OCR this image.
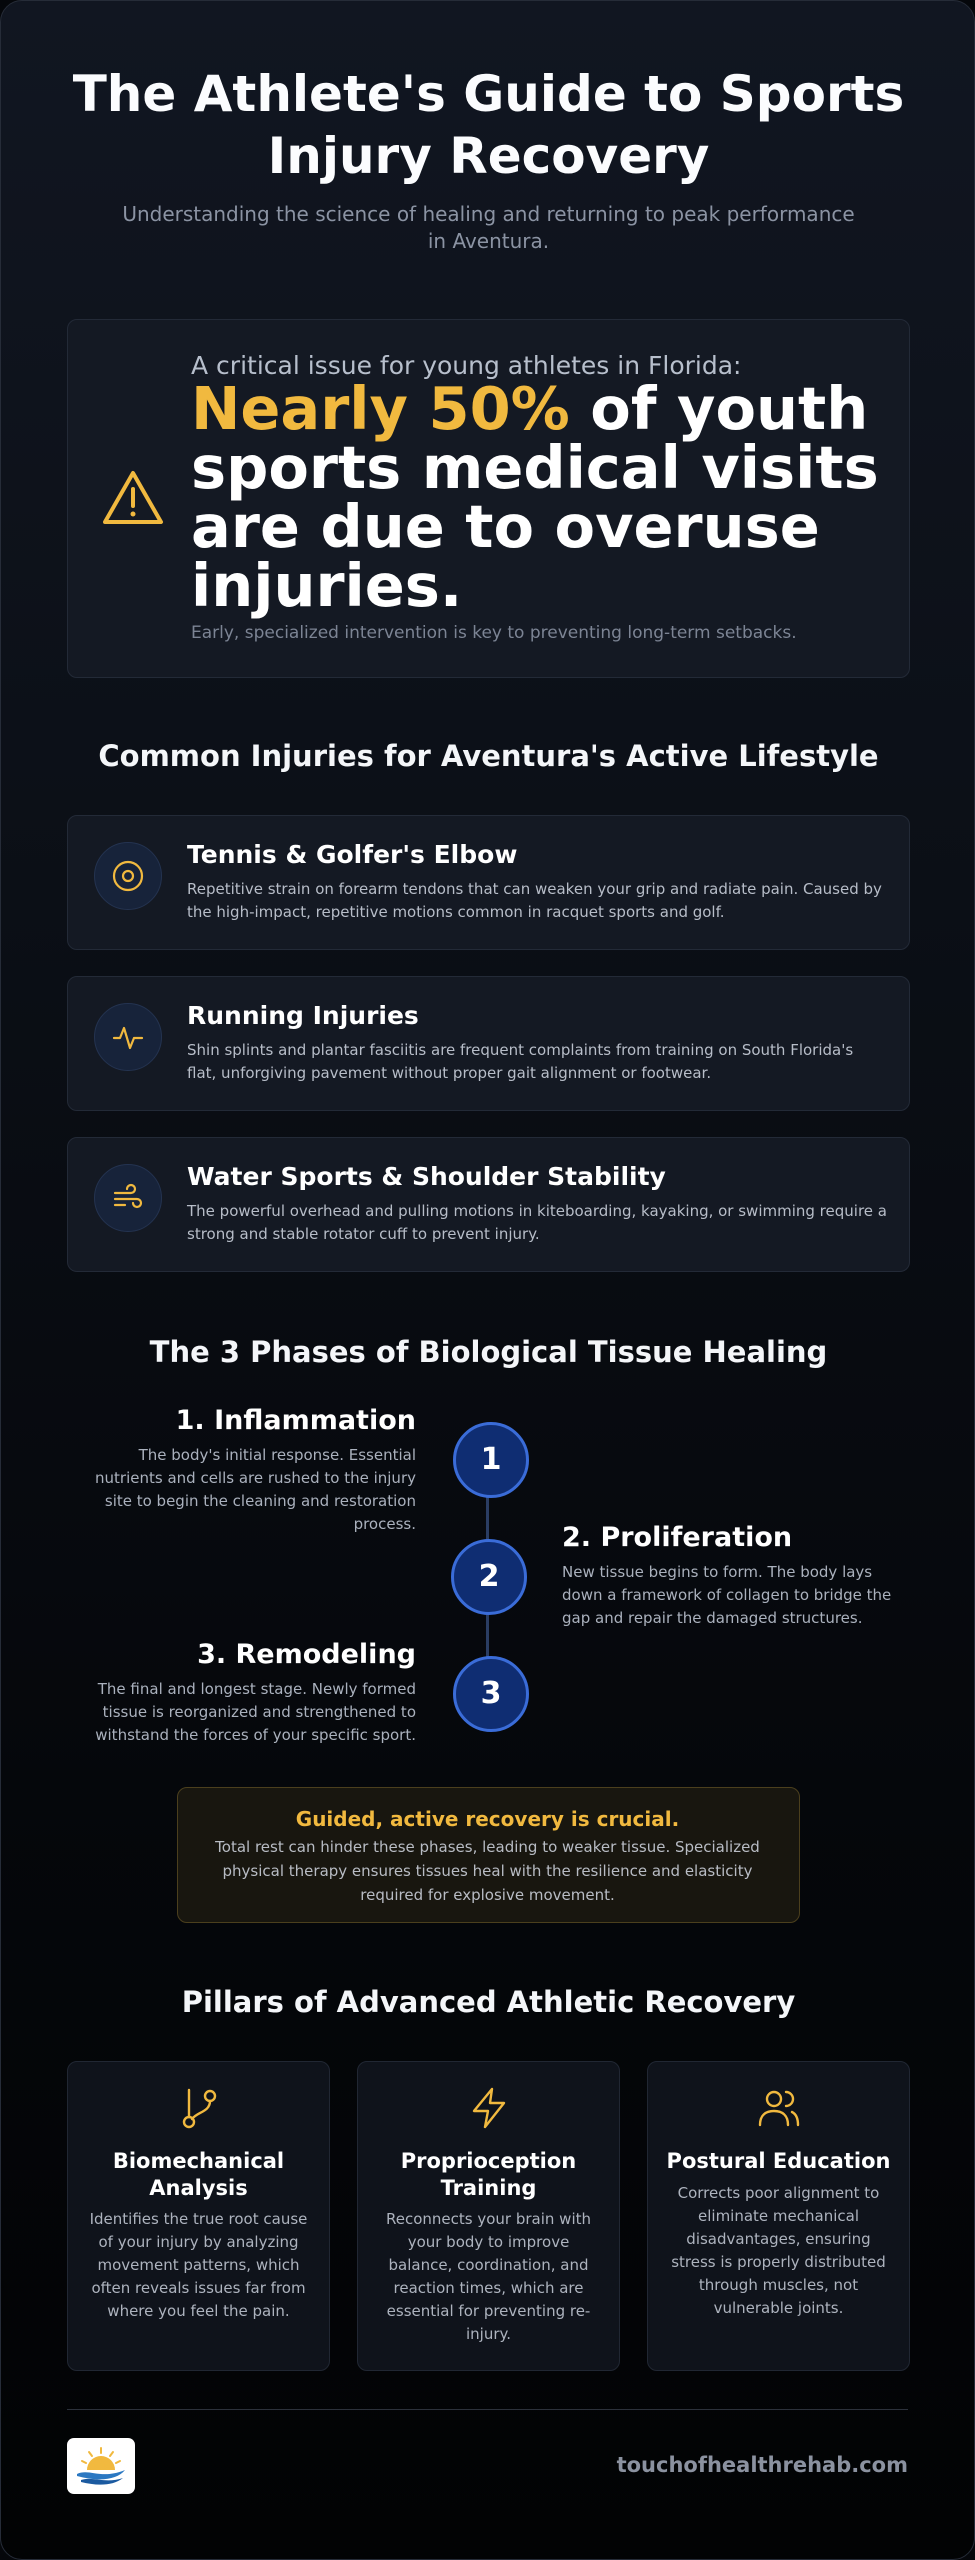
The Athlete's Guide to Sports Injury Recovery
Understanding the science of healing and returning to peak performance in Aventura.
A critical issue for young athletes in Florida:
Nearly 50% of youth sports medical visits are due to overuse injuries.
Early, specialized intervention is key to preventing long-term setbacks.
Common Injuries for Aventura's Active Lifestyle
Tennis & Golfer's Elbow
Repetitive strain on forearm tendons that can weaken your grip and radiate pain. Caused by the high-impact, repetitive motions common in racquet sports and golf.
Running Injuries
Shin splints and plantar fasciitis are frequent complaints from training on South Florida's flat, unforgiving pavement without proper gait alignment or footwear.
Water Sports & Shoulder Stability
The powerful overhead and pulling motions in kiteboarding, kayaking, or swimming require a strong and stable rotator cuff to prevent injury.
The 3 Phases of Biological Tissue Healing
1
2
3
1. Inflammation
The body's initial response. Essential nutrients and cells are rushed to the injury site to begin the cleaning and restoration process.	2. Proliferation
New tissue begins to form. The body lays down a framework of collagen to bridge the gap and repair the damaged structures.
3. Remodeling
The final and longest stage. Newly formed tissue is reorganized and strengthened to withstand the forces of your specific sport.
Guided, active recovery is crucial.
Total rest can hinder these phases, leading to weaker tissue. Specialized physical therapy ensures tissues heal with the resilience and elasticity required for explosive movement.
Pillars of Advanced Athletic Recovery
Biomechanical Analysis
Identifies the true root cause of your injury by analyzing movement patterns, which often reveals issues far from where you feel the pain.
Proprioception Training
Reconnects your brain with your body to improve balance, coordination, and reaction times, which are essential for preventing re-injury.
Postural Education
Corrects poor alignment to eliminate mechanical disadvantages, ensuring stress is properly distributed through muscles, not vulnerable joints.
touchofhealthrehab.com
